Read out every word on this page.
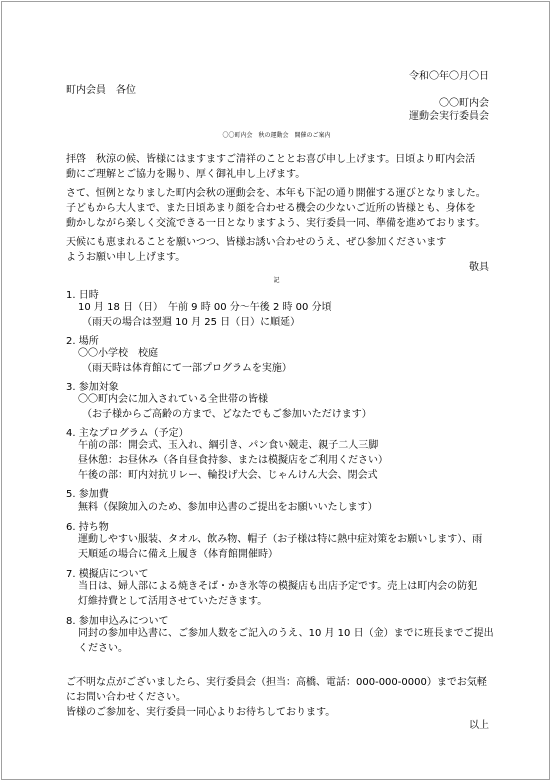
令和〇年〇月〇日
町内会員　各位
〇〇町内会
運動会実行委員会
〇〇町内会　秋の運動会　開催のご案内
拝啓　秋涼の候、皆様にはますますご清祥のこととお喜び申し上げます。日頃より町内会活
動にご理解とご協力を賜り、厚く御礼申し上げます。
さて、恒例となりました町内会秋の運動会を、本年も下記の通り開催する運びとなりました。
子どもから大人まで、また日頃あまり顔を合わせる機会の少ないご近所の皆様とも、身体を
動かしながら楽しく交流できる一日となりますよう、実行委員一同、準備を進めております。
天候にも恵まれることを願いつつ、皆様お誘い合わせのうえ、ぜひ参加くださいます
ようお願い申し上げます。
敬具
記
1. 日時
10 月 18 日（日）　午前 9 時 00 分〜午後 2 時 00 分頃
（雨天の場合は翌週 10 月 25 日（日）に順延）
2. 場所
〇〇小学校　校庭
（雨天時は体育館にて一部プログラムを実施）
3. 参加対象
〇〇町内会に加入されている全世帯の皆様
（お子様からご高齢の方まで、どなたでもご参加いただけます）
4. 主なプログラム（予定）
午前の部：開会式、玉入れ、綱引き、パン食い競走、親子二人三脚
昼休憩：お昼休み（各自昼食持参、または模擬店をご利用ください）
午後の部：町内対抗リレー、輪投げ大会、じゃんけん大会、閉会式
5. 参加費
無料（保険加入のため、参加申込書のご提出をお願いいたします）
6. 持ち物
運動しやすい服装、タオル、飲み物、帽子（お子様は特に熱中症対策をお願いします）、雨
天順延の場合に備え上履き（体育館開催時）
7. 模擬店について
当日は、婦人部による焼きそば・かき氷等の模擬店も出店予定です。売上は町内会の防犯
灯維持費として活用させていただきます。
8. 参加申込みについて
同封の参加申込書に、ご参加人数をご記入のうえ、10 月 10 日（金）までに班長までご提出
ください。
ご不明な点がございましたら、実行委員会（担当：高橋、電話：000-000-0000）までお気軽
にお問い合わせください。
皆様のご参加を、実行委員一同心よりお待ちしております。
以上
